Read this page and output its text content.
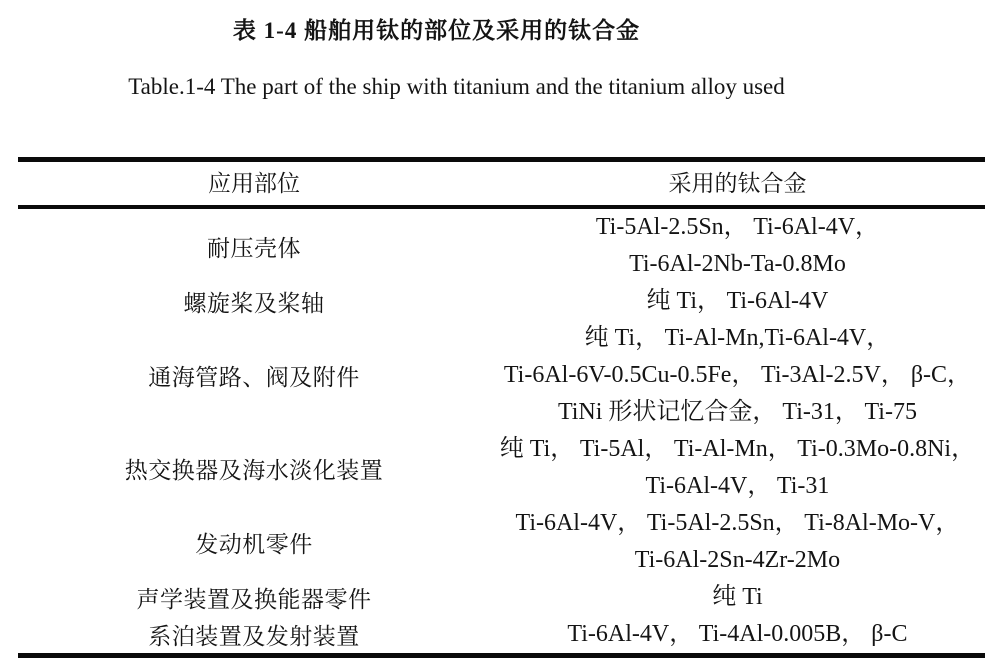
表 1-4 船舶用钛的部位及采用的钛合金
Table.1-4 The part of the ship with titanium and the titanium alloy used
应用部位	采用的钛合金
耐压壳体	Ti-5Al-2.5Sn， Ti-6Al-4V，
Ti-6Al-2Nb-Ta-0.8Mo

螺旋桨及桨轴	纯 Ti， Ti-6Al-4V

通海管路、阀及附件	纯 Ti， Ti-Al-Mn,Ti-6Al-4V，
Ti-6Al-6V-0.5Cu-0.5Fe， Ti-3Al-2.5V， β-C，
TiNi 形状记忆合金， Ti-31， Ti-75

热交换器及海水淡化装置	纯 Ti， Ti-5Al， Ti-Al-Mn， Ti-0.3Mo-0.8Ni，
Ti-6Al-4V， Ti-31

发动机零件	Ti-6Al-4V， Ti-5Al-2.5Sn， Ti-8Al-Mo-V，
Ti-6Al-2Sn-4Zr-2Mo

声学装置及换能器零件	纯 Ti

系泊装置及发射装置	Ti-6Al-4V， Ti-4Al-0.005B， β-C
